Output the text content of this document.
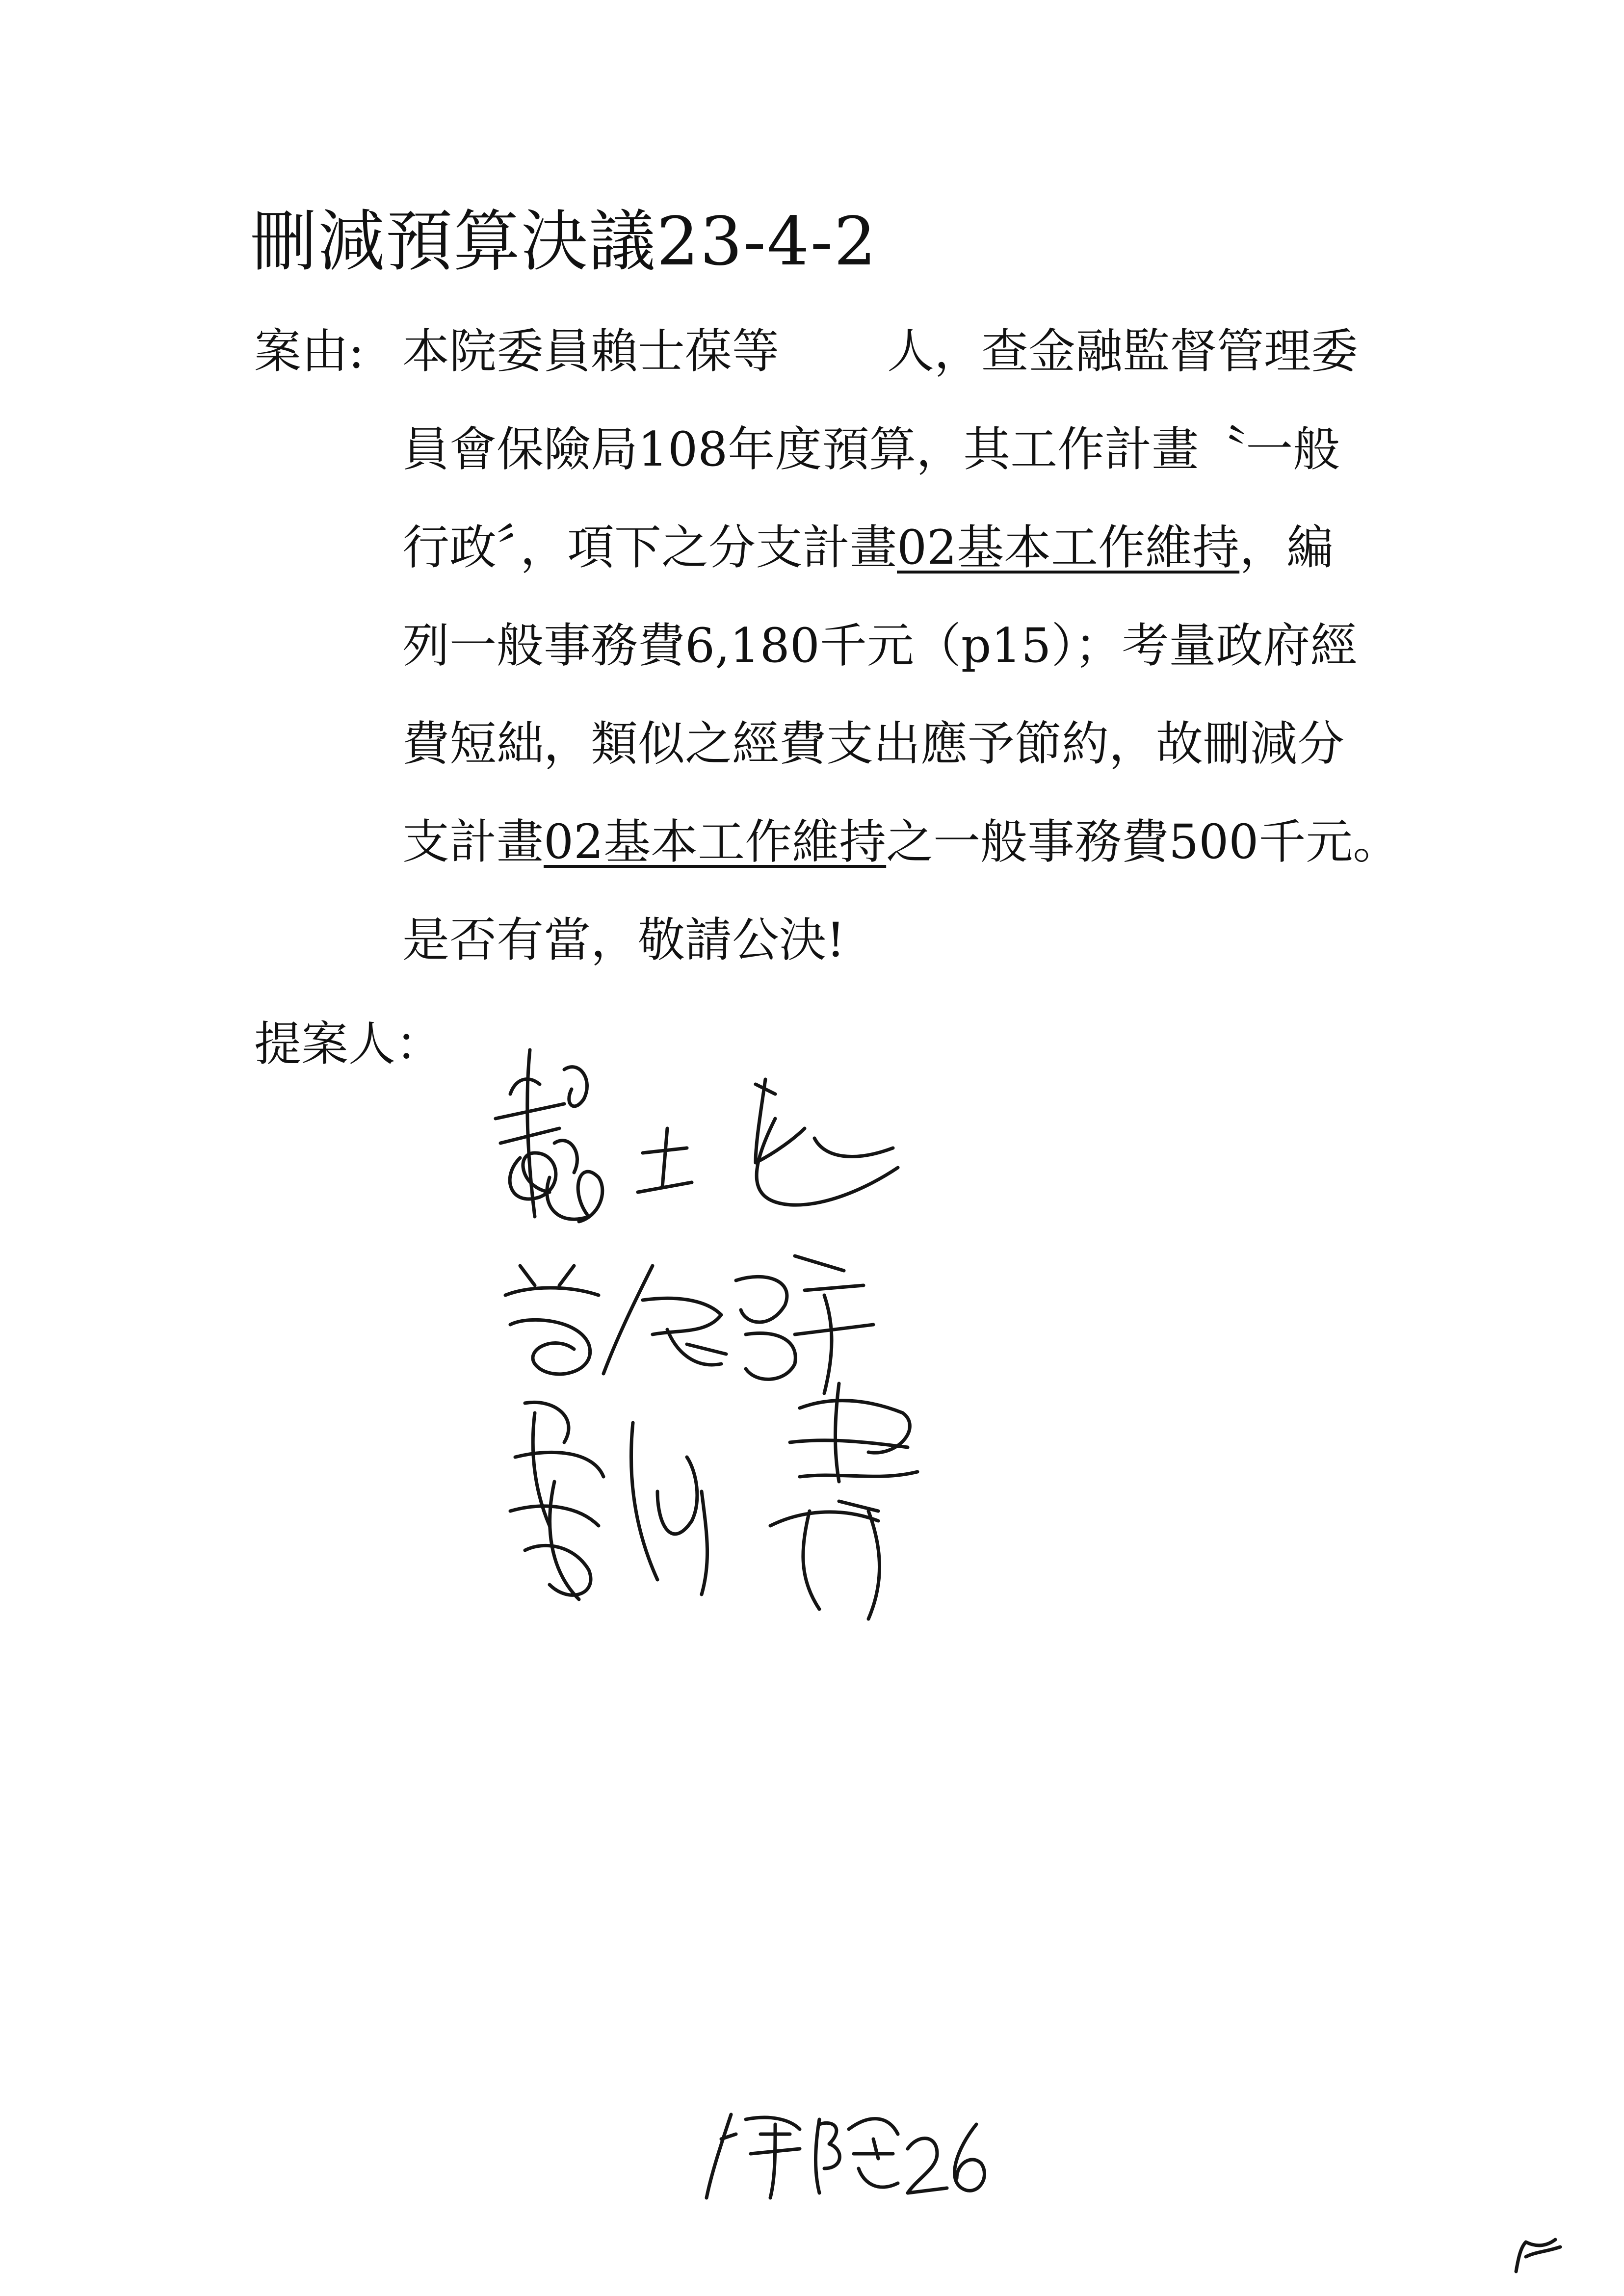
刪減預算決議23-4-2
案由: 本院委員賴士葆等 人，查金融監督管理委
員會保險局108年度預算，其工作計畫〝一般
行政〞，項下之分支計畫02基本工作維持，編
列一般事務費6,180千元（p15）；考量政府經
費短絀，類似之經費支出應予節約，故刪減分
支計畫02基本工作維持之一般事務費500千元。
是否有當，敬請公決!
提案人：
